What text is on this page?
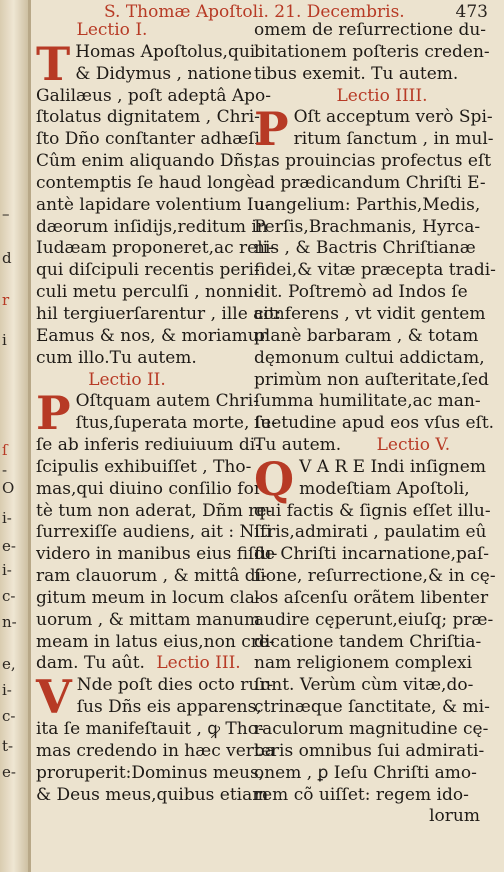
–
d
r
i
ſ
-
O
i-
e-
i-
c-
n-
e,
i-
c-
t-
e-
S. Thomæ Apoſtoli. 21. Decembris.	473
Lectio I.
T Homas Apoſtolus,qui
& Didymus , natione
Galilæus , poſt adeptâ Apo-
ſtolatus dignitatem , Chri-
ſto Dño conſtanter adhæſit.
Cûm enim aliquando Dñs,
contemptis ſe haud longè
antè lapidare volentium Iu-
dæorum inſidijs,reditum in
Iudæam proponeret,ac reli-
qui diſcipuli recentis peri-
culi metu perculſi , nonni-
hil tergiuerſarentur , ille ait:
Eamus & nos, & moriamur
cum illo.Tu autem.
Lectio II.
P Oſtquam autem Chri-
ſtus,ſuperata morte, ſe-
ſe ab inferis rediuiuum di-
ſcipulis exhibuiſſet , Tho-
mas,qui diuino conſilio for-
tè tum non aderat, Dñm re-
ſurrexiſſe audiens, ait : Niſi
videro in manibus eius fiſſu-
ram clauorum , & mittâ di-
gitum meum in locum cla-
uorum , & mittam manum
meam in latus eius,non cre-
dam. Tu aût. Lectio III.
V Nde poſt dies octo rur-
ſus Dñs eis apparens,
ita ſe manifeſtauit , ꝙ Tho-
mas credendo in hæc verba
proruperit:Dominus meus,
& Deus meus,quibus etiam
omem de reſurrectione du-
bitationem poſteris creden-
tibus exemit. Tu autem.
Lectio IIII.
P Oſt acceptum verò Spi-
ritum ſanctum , in mul-
tas prouincias profectus eſt
ad prædicandum Chriſti E-
uangelium: Parthis,Medis,
Perſis,Brachmanis, Hyrca-
nis , & Bactris Chriſtianæ
fidei,& vitæ præcepta tradi-
dit. Poſtremò ad Indos ſe
conferens , vt vidit gentem
planè barbaram , & totam
dęmonum cultui addictam,
primùm non auſteritate,ſed
ſumma humilitate,ac man-
ſuetudine apud eos vſus eſt.
Tu autem. Lectio V.
Q V A R E Indi inſignem
modeſtiam Apoſtoli,
qui factis & ſignis eſſet illu-
ſtris,admirati , paulatim eû
de Chriſti incarnatione,paſ-
ſione, reſurrectione,& in cę-
los aſcenſu orãtem libenter
audire cęperunt,eiuſq; præ-
dicatione tandem Chriſtia-
nam religionem complexi
ſunt. Verùm cùm vitæ,do-
ctrinæque ſanctitate, & mi-
raculorum magnitudine cę-
teris omnibus ſui admirati-
onem , ꝑ Ieſu Chriſti amo-
rem cõ uiſſet: regem ido-
lorum
